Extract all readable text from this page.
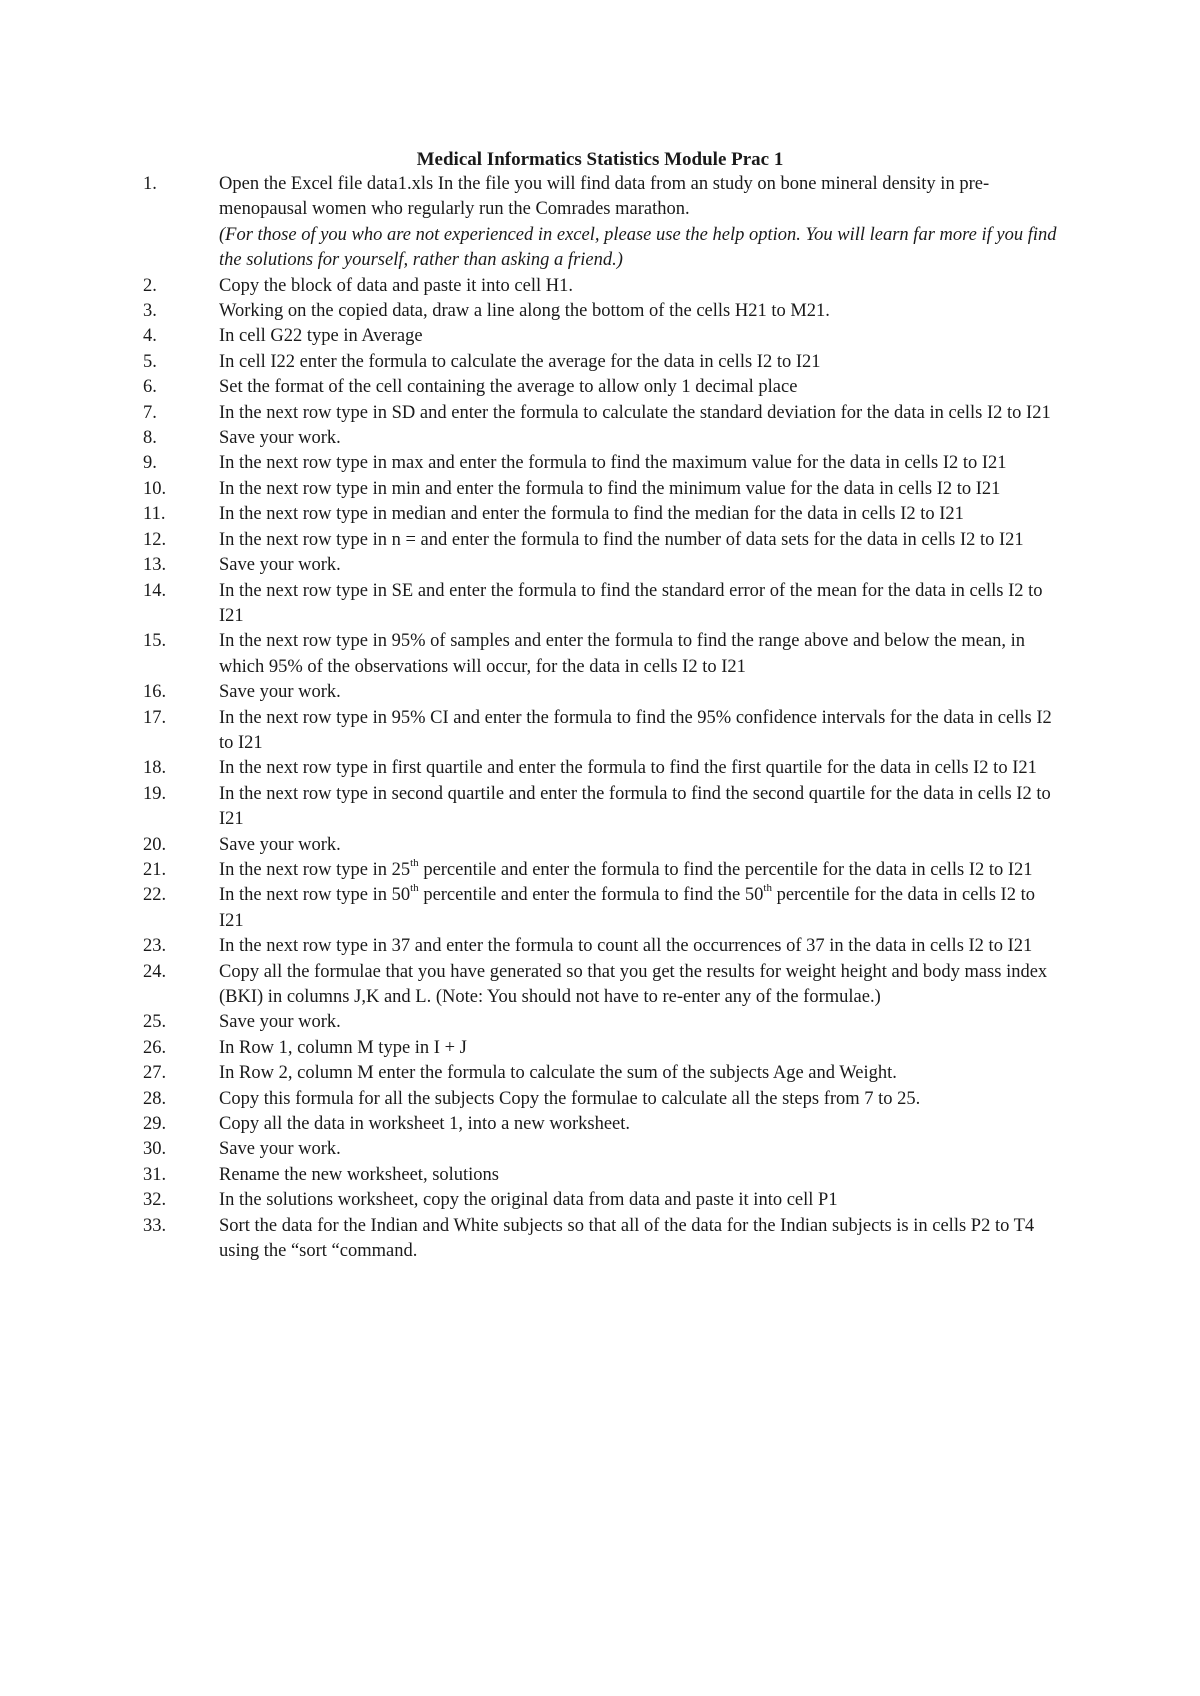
Medical Informatics Statistics Module Prac 1
1.	Open the Excel file data1.xls In the file you will find data from an study on bone mineral density in pre-menopausal women who regularly run the Comrades marathon.
(For those of you who are not experienced in excel, please use the help option. You will learn far more if you find the solutions for yourself, rather than asking a friend.)
2.	Copy the block of data and paste it into cell H1.
3.	Working on the copied data, draw a line along the bottom of the cells H21 to M21.
4.	In cell G22 type in Average
5.	In cell I22 enter the formula to calculate the average for the data in cells I2 to I21
6.	Set the format of the cell containing the average to allow only 1 decimal place
7.	In the next row type in SD and enter the formula to calculate the standard deviation for the data in cells I2 to I21
8.	Save your work.
9.	In the next row type in max and enter the formula to find the maximum value for the data in cells I2 to I21
10.	In the next row type in min and enter the formula to find the minimum value for the data in cells I2 to I21
11.	In the next row type in median and enter the formula to find the median for the data in cells I2 to I21
12.	In the next row type in n = and enter the formula to find the number of data sets for the data in cells I2 to I21
13.	Save your work.
14.	In the next row type in SE and enter the formula to find the standard error of the mean for the data in cells I2 to I21
15.	In the next row type in 95% of samples and enter the formula to find the range above and below the mean, in which 95% of the observations will occur, for the data in cells I2 to I21
16.	Save your work.
17.	In the next row type in 95% CI and enter the formula to find the 95% confidence intervals for the data in cells I2 to I21
18.	In the next row type in first quartile and enter the formula to find the first quartile for the data in cells I2 to I21
19.	In the next row type in second quartile and enter the formula to find the second quartile for the data in cells I2 to I21
20.	Save your work.
21.	In the next row type in 25th percentile and enter the formula to find the percentile for the data in cells I2 to I21
22.	In the next row type in 50th percentile and enter the formula to find the 50th percentile for the data in cells I2 to I21
23.	In the next row type in 37 and enter the formula to count all the occurrences of 37 in the data in cells I2 to I21
24.	Copy all the formulae that you have generated so that you get the results for weight height and body mass index (BKI) in columns J,K and L. (Note: You should not have to re-enter any of the formulae.)
25.	Save your work.
26.	In Row 1, column M type in I + J
27.	In Row 2, column M enter the formula to calculate the sum of the subjects Age and Weight.
28.	Copy this formula for all the subjects Copy the formulae to calculate all the steps from 7 to 25.
29.	Copy all the data in worksheet 1, into a new worksheet.
30.	Save your work.
31.	Rename the new worksheet, solutions
32.	In the solutions worksheet, copy the original data from data and paste it into cell P1
33.	Sort the data for the Indian and White subjects so that all of the data for the Indian subjects is in cells P2 to T4 using the “sort “command.
